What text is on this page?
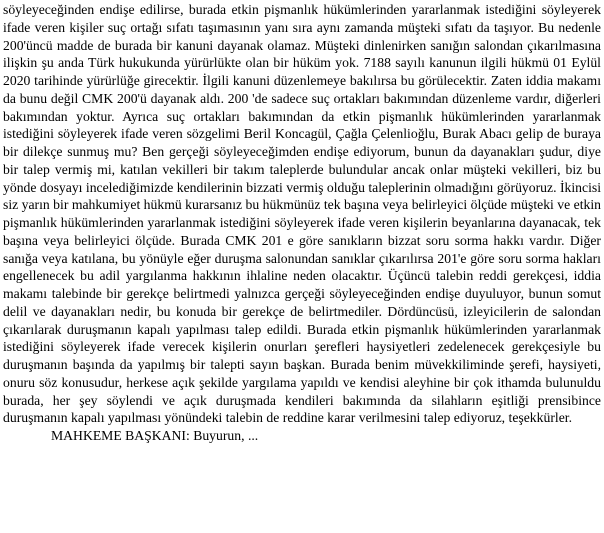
söyleyeceğinden endişe edilirse, burada etkin pişmanlık hükümlerinden yararlanmak istediğini söyleyerek ifade veren kişiler suç ortağı sıfatı taşımasının yanı sıra aynı zamanda müşteki sıfatı da taşıyor. Bu nedenle 200'üncü madde de burada bir kanuni dayanak olamaz. Müşteki dinlenirken sanığın salondan çıkarılmasına ilişkin şu anda Türk hukukunda yürürlükte olan bir hüküm yok. 7188 sayılı kanunun ilgili hükmü 01 Eylül 2020 tarihinde yürürlüğe girecektir. İlgili kanuni düzenlemeye bakılırsa bu görülecektir. Zaten iddia makamı da bunu değil CMK 200'ü dayanak aldı. 200 'de sadece suç ortakları bakımından düzenleme vardır, diğerleri bakımından yoktur. Ayrıca suç ortakları bakımından da etkin pişmanlık hükümlerinden yararlanmak istediğini söyleyerek ifade veren sözgelimi Beril Koncagül, Çağla Çelenlioğlu, Burak Abacı gelip de buraya bir dilekçe sunmuş mu? Ben gerçeği söyleyeceğimden endişe ediyorum, bunun da dayanakları şudur, diye bir talep vermiş mi, katılan vekilleri bir takım taleplerde bulundular ancak onlar müşteki vekilleri, biz bu yönde dosyayı incelediğimizde kendilerinin bizzati vermiş olduğu taleplerinin olmadığını görüyoruz. İkincisi siz yarın bir mahkumiyet hükmü kurarsanız bu hükmünüz tek başına veya belirleyici ölçüde müşteki ve etkin pişmanlık hükümlerinden yararlanmak istediğini söyleyerek ifade veren kişilerin beyanlarına dayanacak, tek başına veya belirleyici ölçüde. Burada CMK 201 e göre sanıkların bizzat soru sorma hakkı vardır. Diğer sanığa veya katılana, bu yönüyle eğer duruşma salonundan sanıklar çıkarılırsa 201'e göre soru sorma hakları engellenecek bu adil yargılanma hakkının ihlaline neden olacaktır. Üçüncü talebin reddi gerekçesi, iddia makamı talebinde bir gerekçe belirtmedi yalnızca gerçeği söyleyeceğinden endişe duyuluyor, bunun somut delil ve dayanakları nedir, bu konuda bir gerekçe de belirtmediler. Dördüncüsü, izleyicilerin de salondan çıkarılarak duruşmanın kapalı yapılması talep edildi. Burada etkin pişmanlık hükümlerinden yararlanmak istediğini söyleyerek ifade verecek kişilerin onurları şerefleri haysiyetleri zedelenecek gerekçesiyle bu duruşmanın başında da yapılmış bir talepti sayın başkan. Burada benim müvekkiliminde şerefi, haysiyeti, onuru söz konusudur, herkese açık şekilde yargılama yapıldı ve kendisi aleyhine bir çok ithamda bulunuldu burada, her şey söylendi ve açık duruşmada kendileri bakımında da silahların eşitliği prensibince duruşmanın kapalı yapılması yönündeki talebin de reddine karar verilmesini talep ediyoruz, teşekkürler.

MAHKEME BAŞKANI: Buyurun, ...
